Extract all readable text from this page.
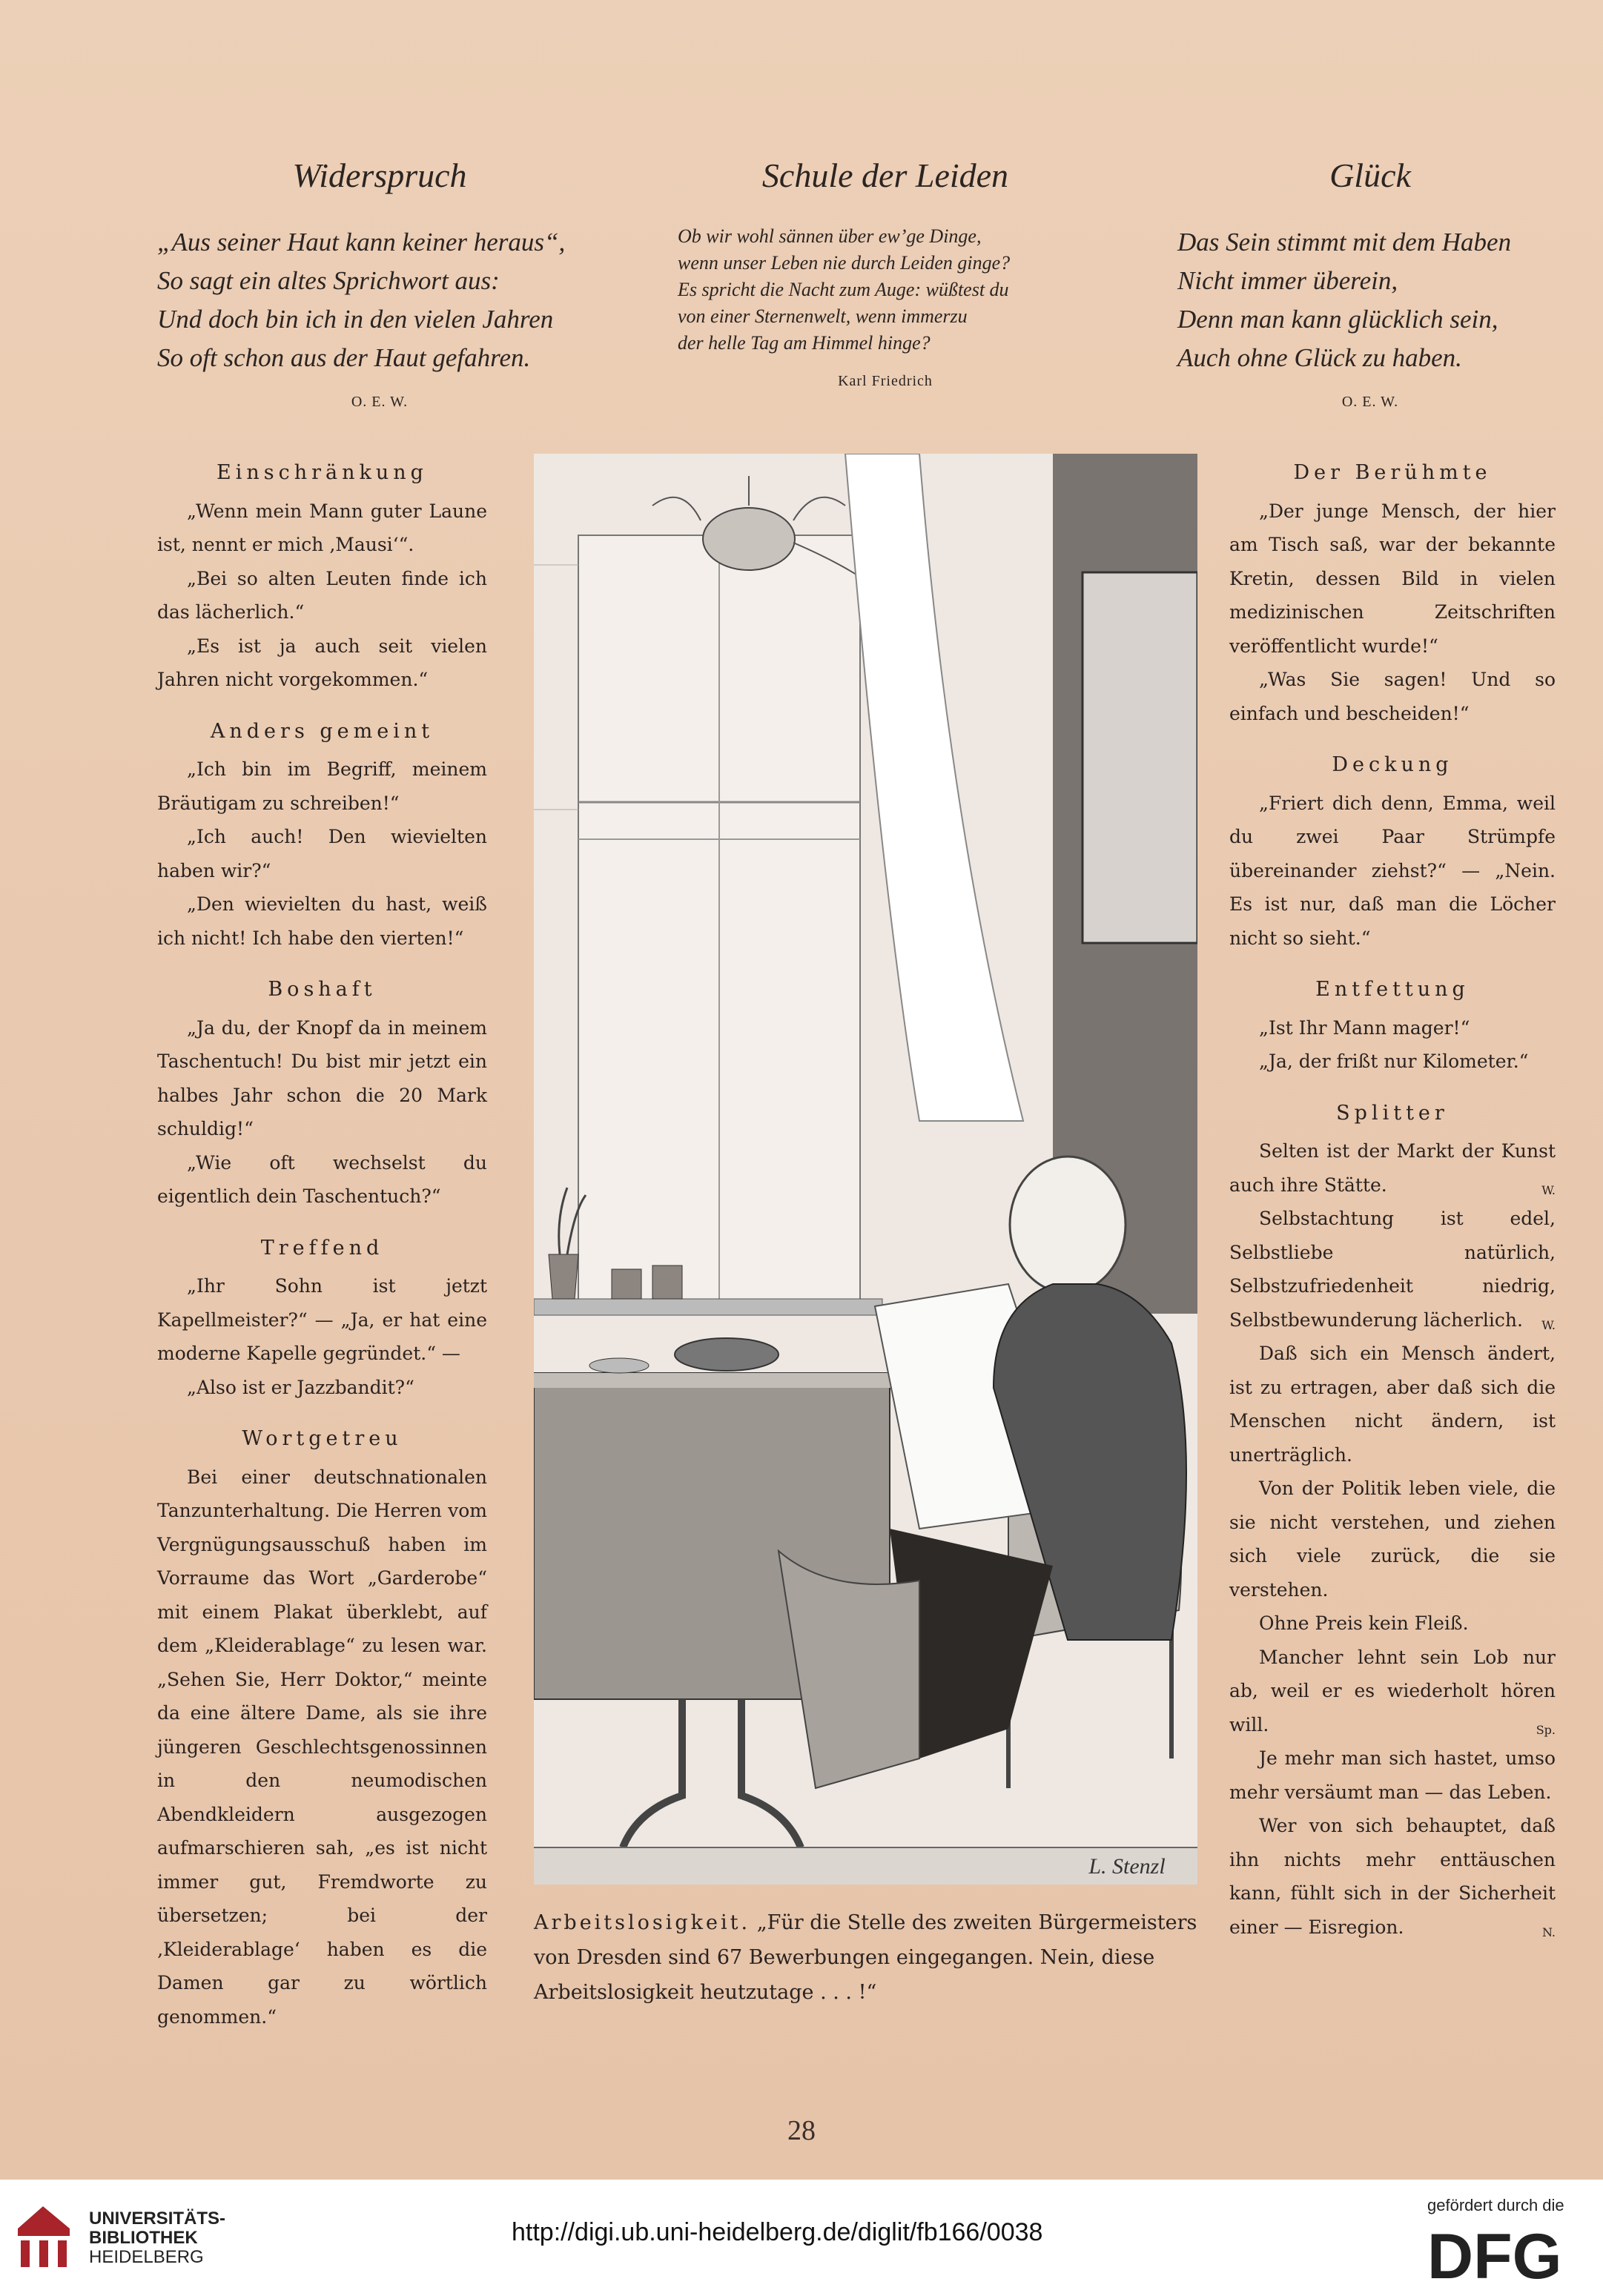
Widerspruch
„Aus seiner Haut kann keiner heraus“,
So sagt ein altes Sprichwort aus:
Und doch bin ich in den vielen Jahren
So oft schon aus der Haut gefahren.
O. E. W.
Schule der Leiden
Ob wir wohl sännen über ew’ge Dinge,
wenn unser Leben nie durch Leiden ginge?
Es spricht die Nacht zum Auge: wüßtest du
von einer Sternenwelt, wenn immerzu
der helle Tag am Himmel hinge?
Karl Friedrich
Glück
Das Sein stimmt mit dem Haben
Nicht immer überein,
Denn man kann glücklich sein,
Auch ohne Glück zu haben.
O. E. W.
Einschränkung

„Wenn mein Mann guter Laune ist, nennt er mich ‚Mausi‘“.

„Bei so alten Leuten finde ich das lächerlich.“

„Es ist ja auch seit vielen Jahren nicht vorgekommen.“

Anders gemeint

„Ich bin im Begriff, meinem Bräutigam zu schreiben!“

„Ich auch! Den wievielten haben wir?“

„Den wievielten du hast, weiß ich nicht! Ich habe den vierten!“

Boshaft

„Ja du, der Knopf da in meinem Taschentuch! Du bist mir jetzt ein halbes Jahr schon die 20 Mark schuldig!“

„Wie oft wechselst du eigentlich dein Taschentuch?“

Treffend

„Ihr Sohn ist jetzt Kapellmeister?“ — „Ja, er hat eine moderne Kapelle gegründet.“ —

„Also ist er Jazzbandit?“

Wortgetreu

Bei einer deutschnationalen Tanzunterhaltung. Die Herren vom Vergnügungsausschuß haben im Vorraume das Wort „Garderobe“ mit einem Plakat überklebt, auf dem „Kleiderablage“ zu lesen war. „Sehen Sie, Herr Doktor,“ meinte da eine ältere Dame, als sie ihre jüngeren Geschlechtsgenossinnen in den neumodischen Abendkleidern ausgezogen aufmarschieren sah, „es ist nicht immer gut, Fremdworte zu übersetzen; bei der ‚Kleiderablage‘ haben es die Damen gar zu wörtlich genommen.“

L. Stenzl
Arbeitslosigkeit. „Für die Stelle des zweiten Bürgermeisters von Dresden sind 67 Bewerbungen eingegangen. Nein, diese Arbeitslosigkeit heutzutage . . . !“
Der Berühmte

„Der junge Mensch, der hier am Tisch saß, war der bekannte Kretin, dessen Bild in vielen medizinischen Zeitschriften veröffentlicht wurde!“

„Was Sie sagen! Und so einfach und bescheiden!“

Deckung

„Friert dich denn, Emma, weil du zwei Paar Strümpfe übereinander ziehst?“ — „Nein. Es ist nur, daß man die Löcher nicht so sieht.“

Entfettung

„Ist Ihr Mann mager!“

„Ja, der frißt nur Kilometer.“

Splitter

Selten ist der Markt der Kunst auch ihre Stätte.	W.

Selbstachtung ist edel, Selbstliebe natürlich, Selbstzufriedenheit niedrig, Selbstbewunderung lächerlich.	W.

Daß sich ein Mensch ändert, ist zu ertragen, aber daß sich die Menschen nicht ändern, ist unerträglich.

Von der Politik leben viele, die sie nicht verstehen, und ziehen sich viele zurück, die sie verstehen.

Ohne Preis kein Fleiß.

Mancher lehnt sein Lob nur ab, weil er es wiederholt hören will.	Sp.

Je mehr man sich hastet, umso mehr versäumt man — das Leben.

Wer von sich behauptet, daß ihn nichts mehr enttäuschen kann, fühlt sich in der Sicherheit einer — Eisregion.	N.
28
UNIVERSITÄTS-
BIBLIOTHEK
HEIDELBERG
http://digi.ub.uni-heidelberg.de/diglit/fb166/0038
gefördert durch die
DFG
